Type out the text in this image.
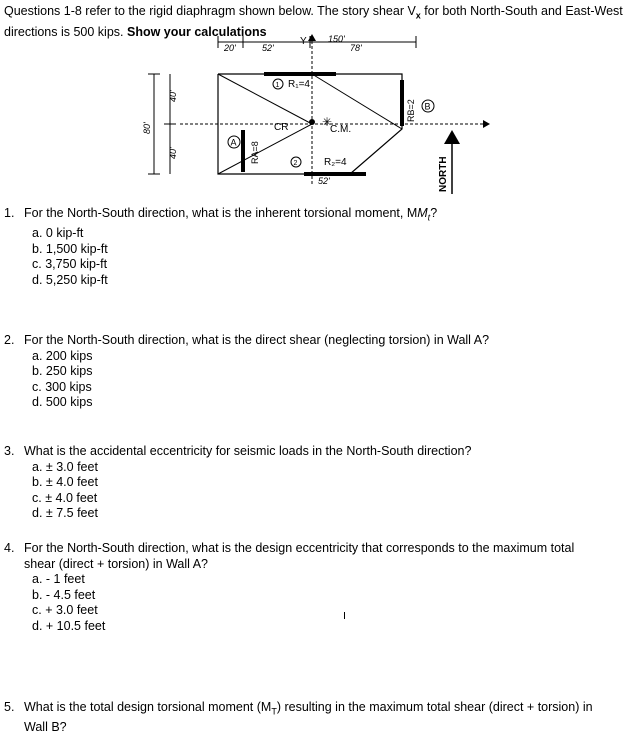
Questions 1-8 refer to the rigid diaphragm shown below. The story shear $V_x$ for both North-South and East-West directions is 500 kips. Show your calculations
20'	52'	78'
150'
Y
80'
40'
40'
1 R₁=4
2	R₂=4
52'
A RA=8
B
RB=2
CR	C.M.
✳
NORTH
1. For the North-South direction, what is the inherent torsional moment, $MM_t$?
a. 0 kip-ft
b. 1,500 kip-ft
c. 3,750 kip-ft
d. 5,250 kip-ft
2. For the North-South direction, what is the direct shear (neglecting torsion) in Wall A?
a. 200 kips
b. 250 kips
c. 300 kips
d. 500 kips
3. What is the accidental eccentricity for seismic loads in the North-South direction?
a. ± 3.0 feet
b. ± 4.0 feet
c. ± 4.0 feet
d. ± 7.5 feet
4. For the North-South direction, what is the design eccentricity that corresponds to the maximum total shear (direct + torsion) in Wall A?
a. - 1 feet
b. - 4.5 feet
c. + 3.0 feet
d. + 10.5 feet
5. What is the total design torsional moment $(M_T)$ resulting in the maximum total shear (direct + torsion) in Wall B?
